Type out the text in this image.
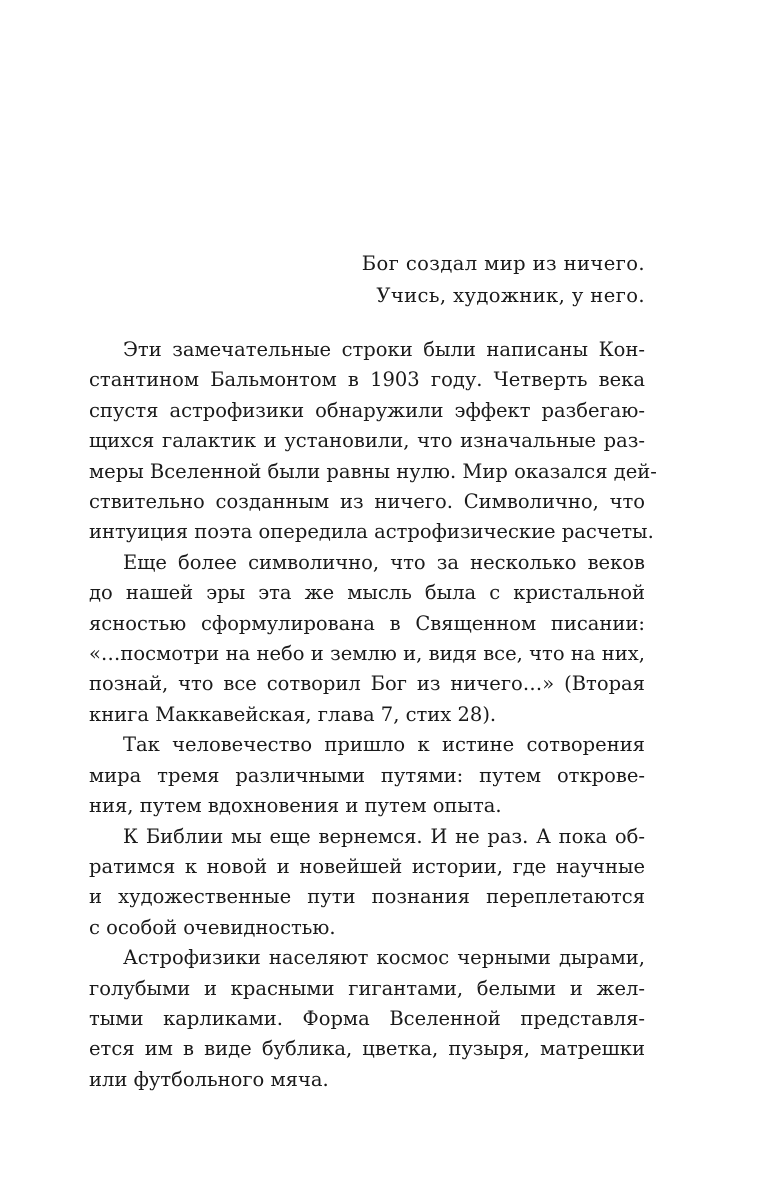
Бог создал мир из ничего.
Учись, художник, у него.
Эти замечательные строки были написаны Кон-
стантином Бальмонтом в 1903 году. Четверть века
спустя астрофизики обнаружили эффект разбегаю-
щихся галактик и установили, что изначальные раз-
меры Вселенной были равны нулю. Мир оказался дей-
ствительно созданным из ничего. Символично, что
интуиция поэта опередила астрофизические расчеты.
Еще более символично, что за несколько веков
до нашей эры эта же мысль была с кристальной
ясностью сформулирована в Священном писании:
«…посмотри на небо и землю и, видя все, что на них,
познай, что все сотворил Бог из ничего…» (Вторая
книга Маккавейская, глава 7, стих 28).
Так человечество пришло к истине сотворения
мира тремя различными путями: путем открове-
ния, путем вдохновения и путем опыта.
К Библии мы еще вернемся. И не раз. А пока об-
ратимся к новой и новейшей истории, где научные
и художественные пути познания переплетаются
с особой очевидностью.
Астрофизики населяют космос черными дырами,
голубыми и красными гигантами, белыми и жел-
тыми карликами. Форма Вселенной представля-
ется им в виде бублика, цветка, пузыря, матрешки
или футбольного мяча.
